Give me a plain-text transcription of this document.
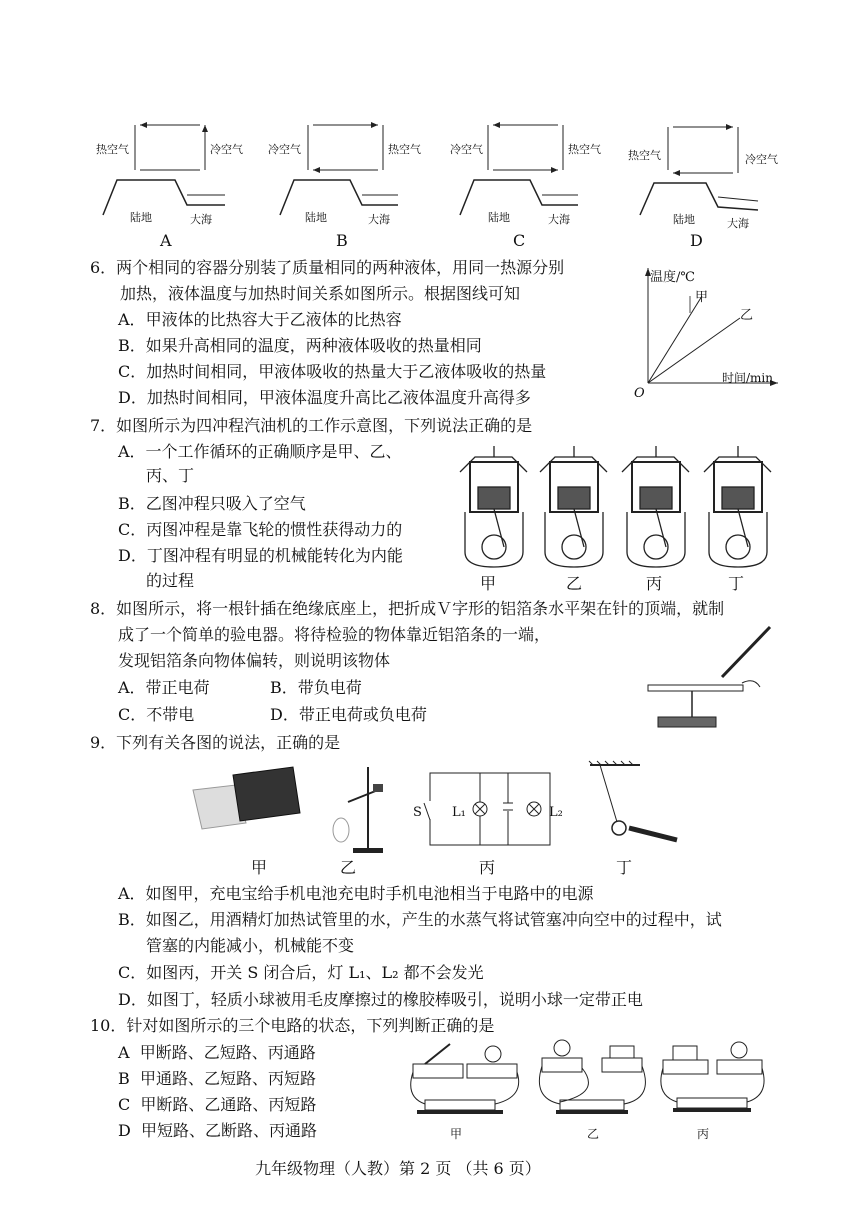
热空气	冷空气
陆地	大海
A
冷空气	热空气
陆地	大海
B
冷空气	热空气
陆地	大海
C
热空气	冷空气
陆地	大海
D
6．两个相同的容器分别装了质量相同的两种液体，用同一热源分别
加热，液体温度与加热时间关系如图所示。根据图线可知
A．甲液体的比热容大于乙液体的比热容
B．如果升高相同的温度，两种液体吸收的热量相同
C．加热时间相同，甲液体吸收的热量大于乙液体吸收的热量
D．加热时间相同，甲液体温度升高比乙液体温度升高得多
温度/℃
时间/min
O
甲
乙
7．如图所示为四冲程汽油机的工作示意图，下列说法正确的是
A．一个工作循环的正确顺序是甲、乙、
丙、丁
B．乙图冲程只吸入了空气
C．丙图冲程是靠飞轮的惯性获得动力的
D．丁图冲程有明显的机械能转化为内能
的过程	甲	乙	丙	丁
8．如图所示，将一根针插在绝缘底座上，把折成Ｖ字形的铝箔条水平架在针的顶端，就制
成了一个简单的验电器。将待检验的物体靠近铝箔条的一端，
发现铝箔条向物体偏转，则说明该物体
A．带正电荷	B．带负电荷
C．不带电	D．带正电荷或负电荷
9．下列有关各图的说法，正确的是
S L₁	L₂
甲	乙	丙	丁
A．如图甲，充电宝给手机电池充电时手机电池相当于电路中的电源
B．如图乙，用酒精灯加热试管里的水，产生的水蒸气将试管塞冲向空中的过程中，试
管塞的内能减小，机械能不变
C．如图丙，开关 S 闭合后，灯 L₁、L₂ 都不会发光
D．如图丁，轻质小球被用毛皮摩擦过的橡胶棒吸引，说明小球一定带正电
10．针对如图所示的三个电路的状态，下列判断正确的是
A 甲断路、乙短路、丙通路
B 甲通路、乙短路、丙短路
C 甲断路、乙通路、丙短路
D 甲短路、乙断路、丙通路	甲	乙	丙
九年级物理（人教）第 2 页 （共 6 页）
